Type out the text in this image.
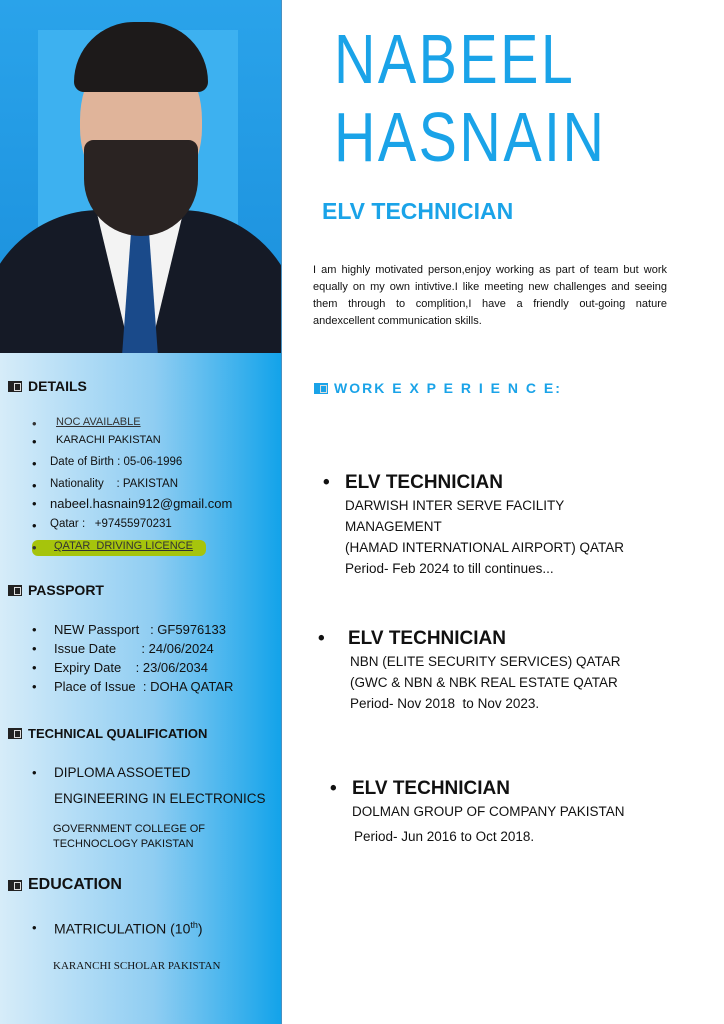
DETAILS
• NOC AVAILABLE
• KARACHI PAKISTAN
• Date of Birth : 05-06-1996
• Nationality    : PAKISTAN
• nabeel.hasnain912@gmail.com
• Qatar :   +97455970231
• QATAR  DRIVING LICENCE
PASSPORT
• NEW Passport   : GF5976133
• Issue Date       : 24/06/2024
• Expiry Date    : 23/06/2034
• Place of Issue  : DOHA QATAR
TECHNICAL QUALIFICATION
• DIPLOMA ASSOETED
ENGINEERING IN ELECTRONICS
GOVERNMENT COLLEGE OF
TECHNOCLOGY PAKISTAN
EDUCATION
• MATRICULATION (10th)
KARANCHI SCHOLAR PAKISTAN
NABEEL
HASNAIN
ELV TECHNICIAN
I am highly motivated person,enjoy working as part of team but work equally on my own intivtive.I like meeting new challenges and seeing them through to complition,I have a friendly out-going nature andexcellent communication skills.
WORK E X P E R I E N C E:
• ELV TECHNICIAN
DARWISH INTER SERVE FACILITY
MANAGEMENT
(HAMAD INTERNATIONAL AIRPORT) QATAR
Period- Feb 2024 to till continues...
• ELV TECHNICIAN
NBN (ELITE SECURITY SERVICES) QATAR
(GWC & NBN & NBK REAL ESTATE QATAR
Period- Nov 2018  to Nov 2023.
• ELV TECHNICIAN
DOLMAN GROUP OF COMPANY PAKISTAN
Period- Jun 2016 to Oct 2018.
